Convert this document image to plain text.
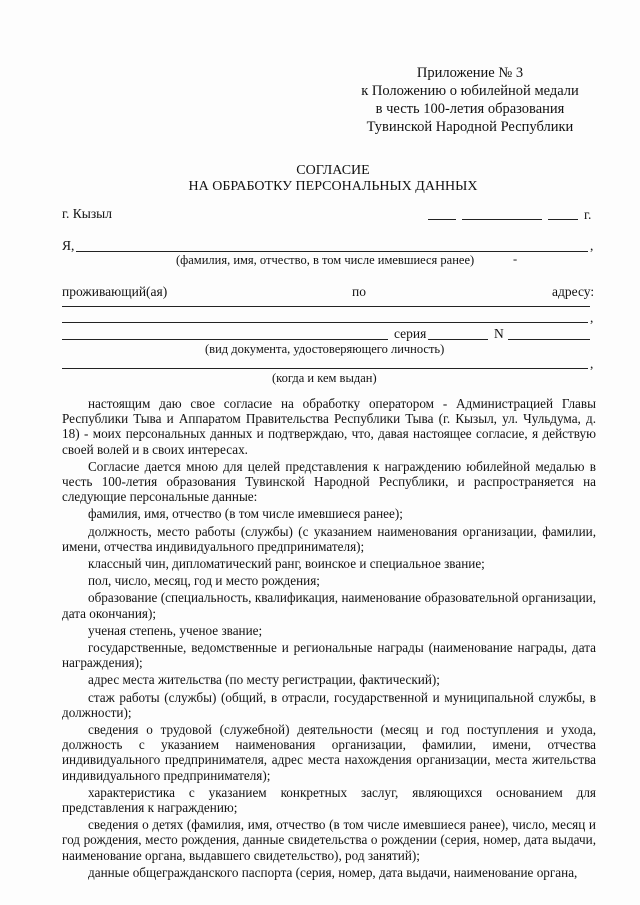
Приложение № 3
к Положению о юбилейной медали
в честь 100-летия образования
Тувинской Народной Республики
СОГЛАСИЕ
НА ОБРАБОТКУ ПЕРСОНАЛЬНЫХ ДАННЫХ
г. Кызыл	г.
Я,	,
(фамилия, имя, отчество, в том числе имевшиеся ранее)	-
проживающий(ая)	по	адресу:
,
серия	N
(вид документа, удостоверяющего личность)
,
(когда и кем выдан)

настоящим даю свое согласие на обработку оператором - Администрацией Главы Республики Тыва и Аппаратом Правительства Республики Тыва (г. Кызыл, ул. Чульдума, д. 18) - моих персональных данных и подтверждаю, что, давая настоящее согласие, я действую своей волей и в своих интересах.

Согласие дается мною для целей представления к награждению юбилейной медалью в честь 100-летия образования Тувинской Народной Республики, и распространяется на следующие персональные данные:

фамилия, имя, отчество (в том числе имевшиеся ранее);

должность, место работы (службы) (с указанием наименования организации, фамилии, имени, отчества индивидуального предпринимателя);

классный чин, дипломатический ранг, воинское и специальное звание;

пол, число, месяц, год и место рождения;

образование (специальность, квалификация, наименование образовательной организации, дата окончания);

ученая степень, ученое звание;

государственные, ведомственные и региональные награды (наименование награды, дата награждения);

адрес места жительства (по месту регистрации, фактический);

стаж работы (службы) (общий, в отрасли, государственной и муниципальной службы, в должности);

сведения о трудовой (служебной) деятельности (месяц и год поступления и ухода, должность с указанием наименования организации, фамилии, имени, отчества индивидуального предпринимателя, адрес места нахождения организации, места жительства индивидуального предпринимателя);

характеристика с указанием конкретных заслуг, являющихся основанием для представления к награждению;

сведения о детях (фамилия, имя, отчество (в том числе имевшиеся ранее), число, месяц и год рождения, место рождения, данные свидетельства о рождении (серия, номер, дата выдачи, наименование органа, выдавшего свидетельство), род занятий);

данные общегражданского паспорта (серия, номер, дата выдачи, наименование органа,
